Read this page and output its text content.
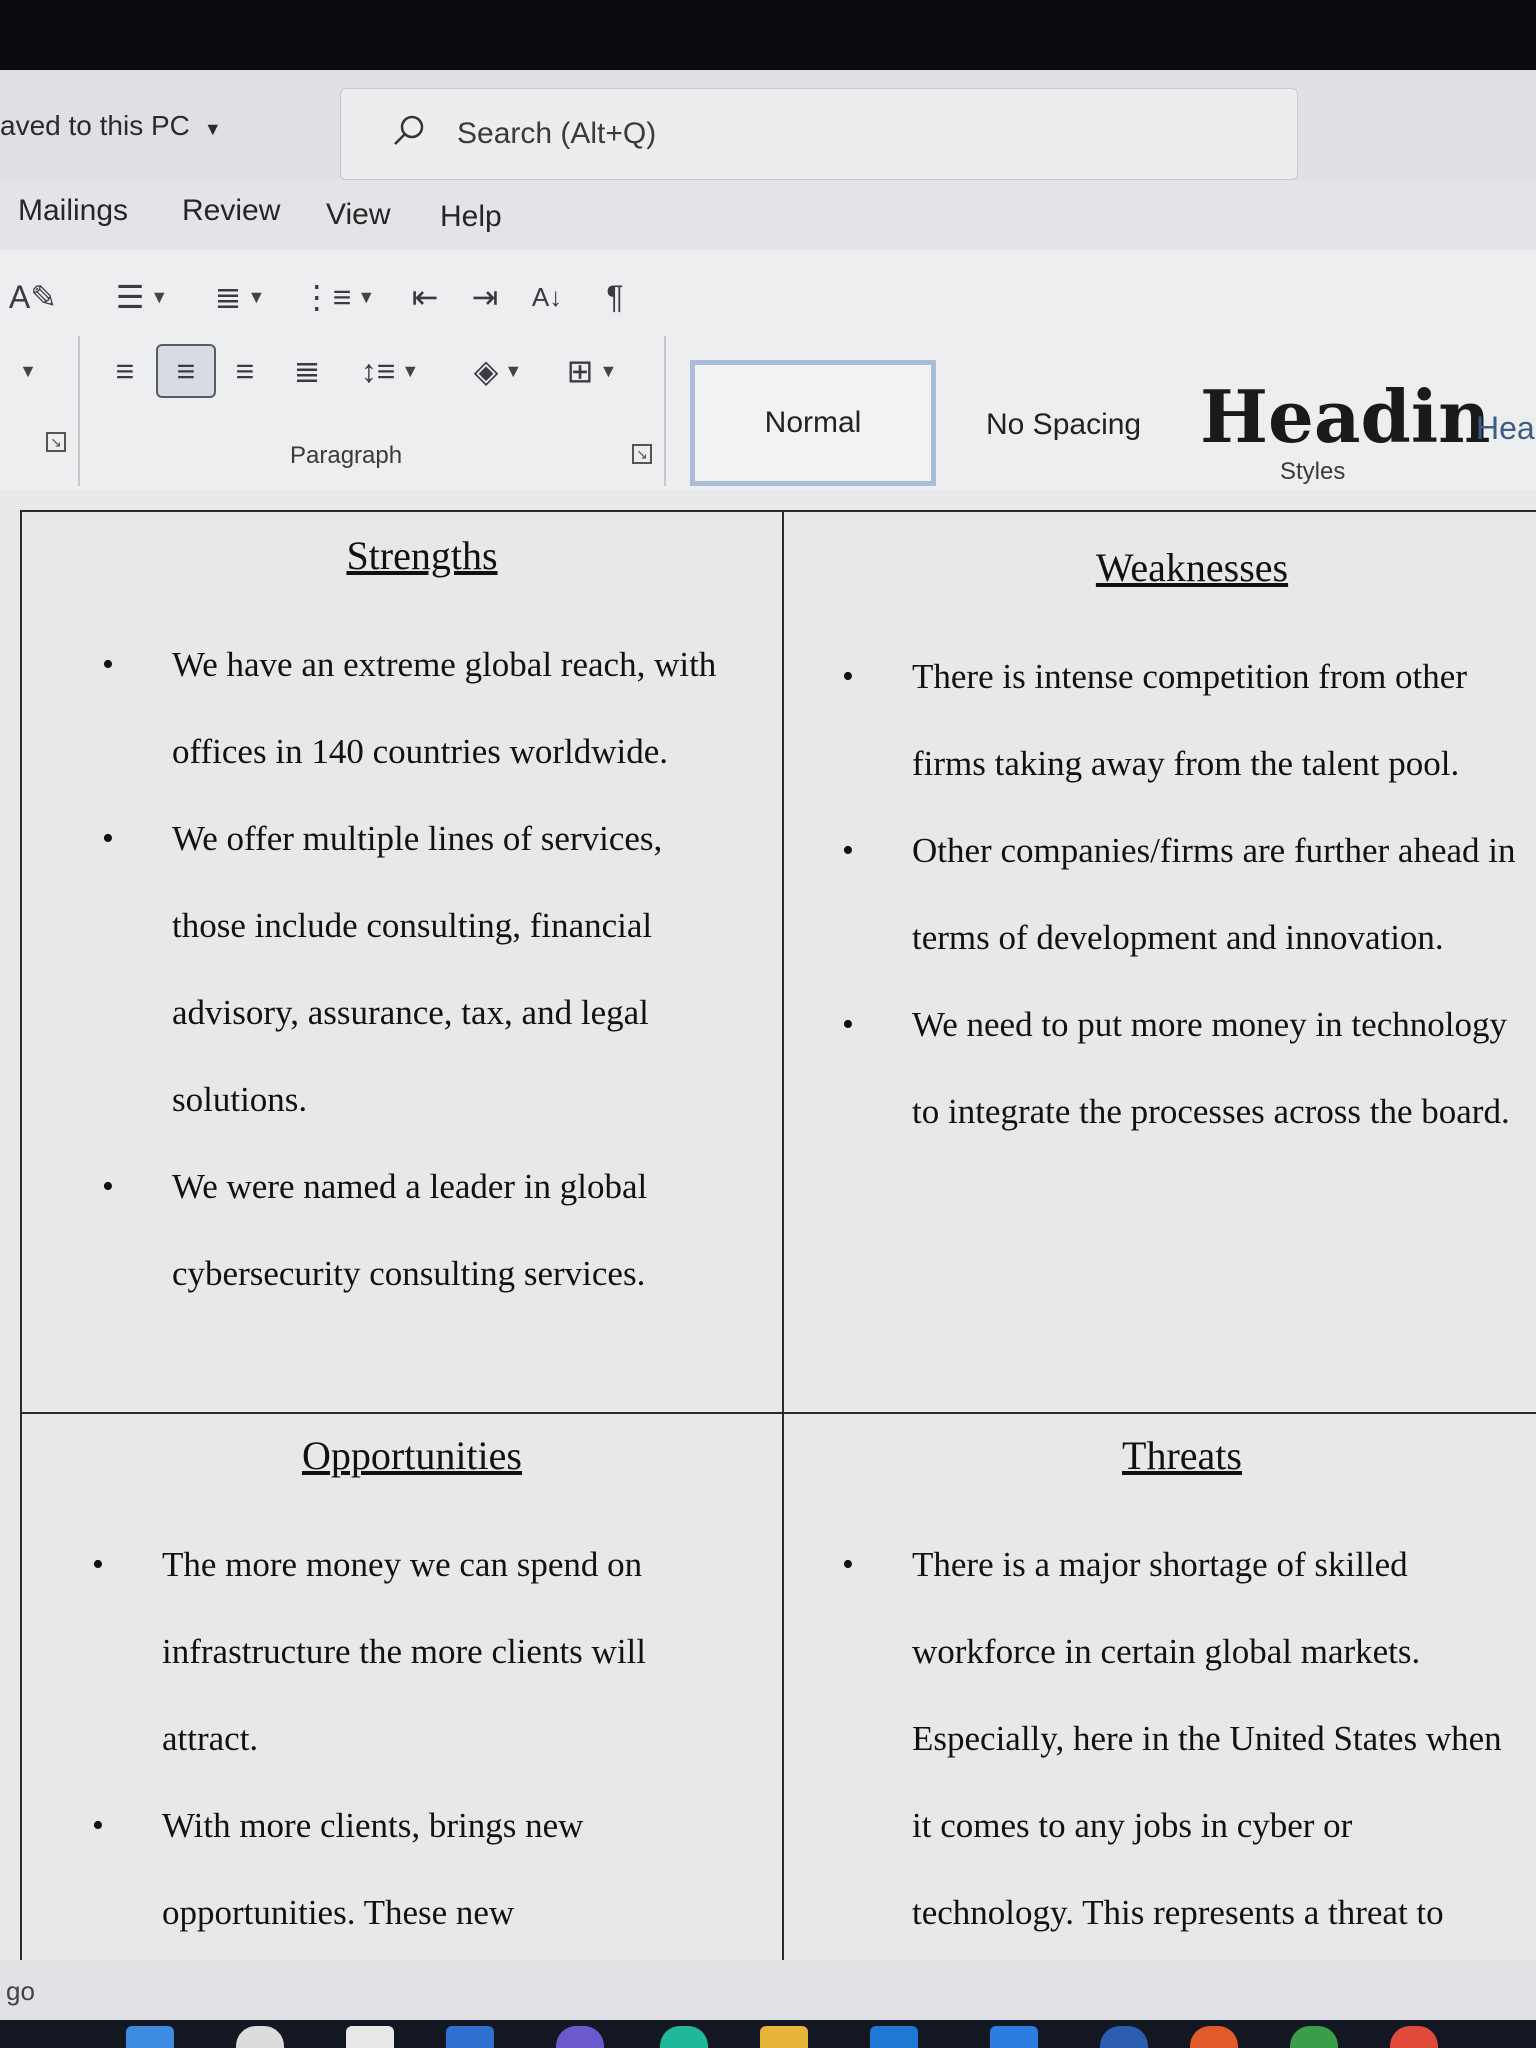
aved to this PC ▼	Search (Alt+Q)
Mailings Review View Help
A✎
▼
↘
☰ ▼	≣ ▼ ⋮≡ ▼	⇤	⇥	A↓	¶
≡	≡	≡	≣	↕≡ ▼	◈ ▼	⊞ ▼
Paragraph	↘
Normal	No Spacing Headin
Hea
Styles
Strengths
• We have an extreme global reach, with offices in 140 countries worldwide.
• We offer multiple lines of services, those include consulting, financial advisory, assurance, tax, and legal solutions.
• We were named a leader in global cybersecurity consulting services.
Weaknesses
• There is intense competition from other firms taking away from the talent pool.
• Other companies/firms are further ahead in terms of development and innovation.
• We need to put more money in technology to integrate the processes across the board.
Opportunities
• The more money we can spend on infrastructure the more clients will attract.
• With more clients, brings new opportunities. These new
Threats
• There is a major shortage of skilled workforce in certain global markets. Especially, here in the United States when it comes to any jobs in cyber or technology. This represents a threat to
go
